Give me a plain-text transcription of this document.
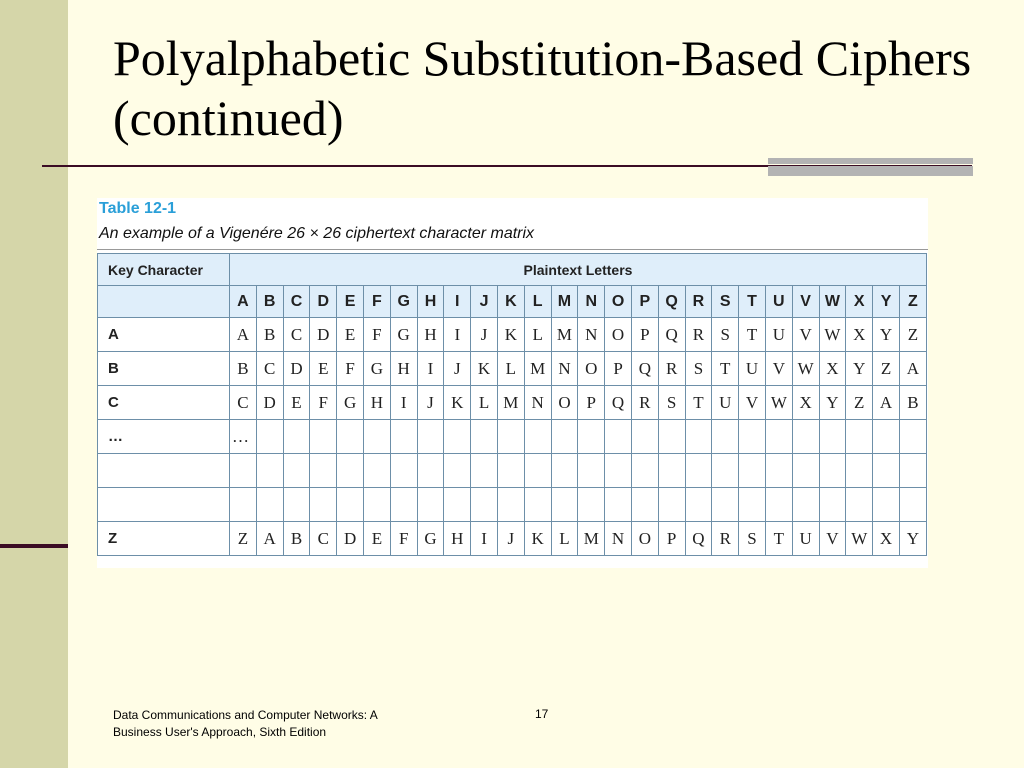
Polyalphabetic Substitution-Based Ciphers (continued)
Table 12-1
An example of a Vigenére 26 × 26 ciphertext character matrix
Key Character	Plaintext Letters																									
	A	B	C	D	E	F	G	H	I	J	K	L	M	N	O	P	Q	R	S	T	U	V	W	X	Y	Z
A	A	B	C	D	E	F	G	H	I	J	K	L	M	N	O	P	Q	R	S	T	U	V	W	X	Y	Z
B	B	C	D	E	F	G	H	I	J	K	L	M	N	O	P	Q	R	S	T	U	V	W	X	Y	Z	A
C	C	D	E	F	G	H	I	J	K	L	M	N	O	P	Q	R	S	T	U	V	W	X	Y	Z	A	B
…	…																									

Z	Z	A	B	C	D	E	F	G	H	I	J	K	L	M	N	O	P	Q	R	S	T	U	V	W	X	Y
Data Communications and Computer Networks: A Business User's Approach, Sixth Edition
17
